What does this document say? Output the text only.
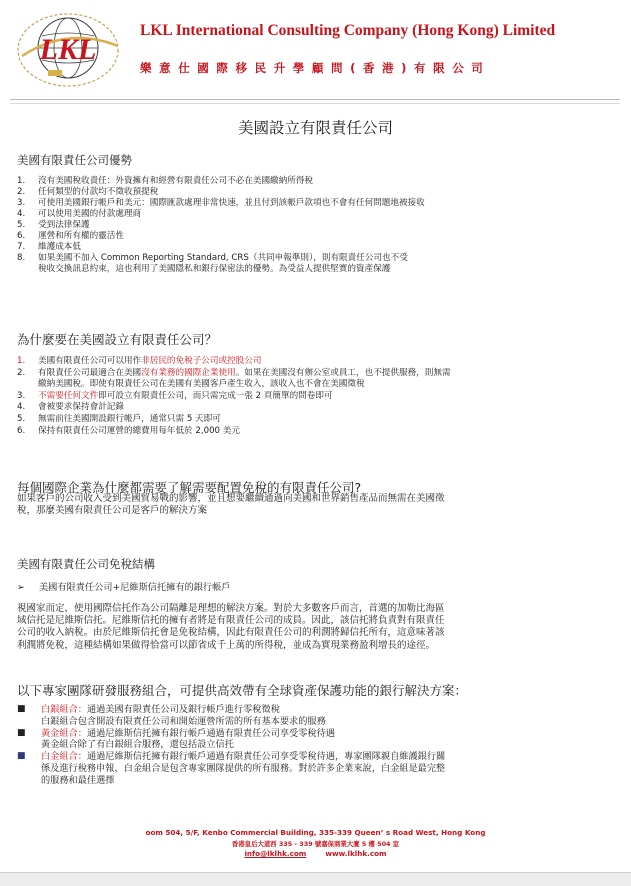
LKL
LKL International Consulting Company (Hong Kong) Limited
樂意仕國際移民升學顧問(香港)有限公司
美國設立有限責任公司
美國有限責任公司優勢
1.	沒有美國稅收責任：外資擁有和經營有限責任公司不必在美國繳納所得稅
2.	任何類型的付款均不徵收預提稅
3.	可使用美國銀行帳戶和美元：國際匯款處理非常快速，並且付到該帳戶款項也不會有任何問題地被接收
4.	可以使用美國的付款處理商
5.	受到法律保護
6.	運營和所有權的靈活性
7.	維護成本低
8.	如果美國不加入 Common Reporting Standard, CRS（共同申報準則），則有限責任公司也不受
稅收交換訊息約束，這也利用了美國隱私和銀行保密法的優勢。為受益人提供堅實的資產保護
為什麼要在美國設立有限責任公司？
1.	美國有限責任公司可以用作非居民的免稅子公司或控股公司
2.	有限責任公司最適合在美國沒有業務的國際企業使用。如果在美國沒有辦公室或員工，也不提供服務，則無需
繳納美國稅。即使有限責任公司在美國有美國客戶產生收入，該收入也不會在美國徵稅
3.	不需要任何文件即可設立有限責任公司，而只需完成一張 2 頁簡單的問卷即可
4.	會被要求保持會計記錄
5.	無需前往美國開設銀行帳戶，通常只需 5 天即可
6.	保持有限責任公司運營的總費用每年低於 2,000 美元
每個國際企業為什麼都需要了解需要配置免稅的有限責任公司?
如果客戶的公司收入受到美國貿易戰的影響，並且想要繼續通過向美國和世界銷售產品而無需在美國徵
稅，那麼美國有限責任公司是客戶的解決方案
美國有限責任公司免稅結構
➢ 美國有限責任公司+尼維斯信托擁有的銀行帳戶
視國家而定，使用國際信托作為公司隔離是理想的解決方案。對於大多數客戶而言，首選的加勒比海區
域信托是尼維斯信托。尼維斯信托的擁有者將是有限責任公司的成員。因此，該信托將負責對有限責任
公司的收入納稅。由於尼維斯信托會是免稅結構，因此有限責任公司的利潤將歸信托所有，這意味著該
利潤將免稅，這種結構如果做得恰當可以節省成千上萬的所得稅，並成為實現業務盈利增長的途徑。
以下專家團隊研發服務組合，可提供高效帶有全球資產保護功能的銀行解決方案：
■	白銀組合：通過美國有限責任公司及銀行帳戶進行零稅徵稅
白銀組合包含開設有限責任公司和開始運營所需的所有基本要求的服務
■	黃金組合：通過尼維斯信托擁有銀行帳戶通過有限責任公司享受零稅待遇
黃金組合除了有白銀組合服務，還包括設立信托
■	白金組合：通過尼維斯信托擁有銀行帳戶通過有限責任公司享受零稅待遇，專家團隊親自維護銀行關
係及進行稅務申報，白金組合是包含專家團隊提供的所有服務。對於許多企業來說，白金組是最完整
的服務和最佳選擇
oom 504, 5/F, Kenbo Commercial Building, 335-339 Queen’ s Road West, Hong Kong
香港皇后大道西 335 - 339 號嘉保商業大廈 5 樓 504 室
info@lklhk.com	www.lklhk.com
